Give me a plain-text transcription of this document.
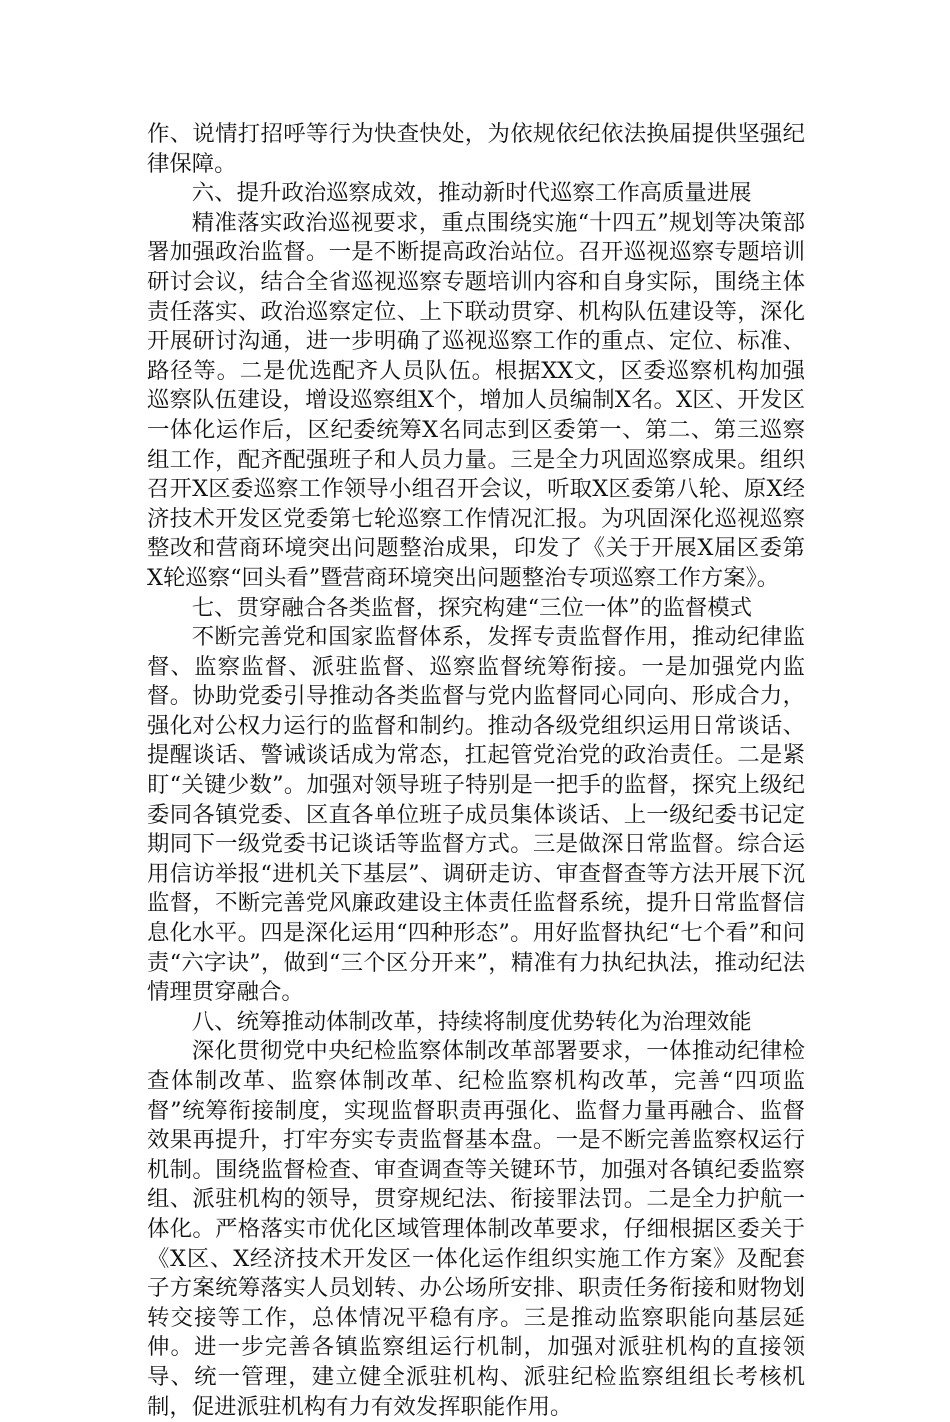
作、说情打招呼等行为快查快处，为依规依纪依法换届提供坚强纪律保障。

六、提升政治巡察成效，推动新时代巡察工作高质量进展

精准落实政治巡视要求，重点围绕实施“十四五”规划等决策部署加强政治监督。一是不断提高政治站位。召开巡视巡察专题培训研讨会议，结合全省巡视巡察专题培训内容和自身实际，围绕主体责任落实、政治巡察定位、上下联动贯穿、机构队伍建设等，深化开展研讨沟通，进一步明确了巡视巡察工作的重点、定位、标准、路径等。二是优选配齐人员队伍。根据XX文，区委巡察机构加强巡察队伍建设，增设巡察组X个，增加人员编制X名。X区、开发区一体化运作后，区纪委统筹X名同志到区委第一、第二、第三巡察组工作，配齐配强班子和人员力量。三是全力巩固巡察成果。组织召开X区委巡察工作领导小组召开会议，听取X区委第八轮、原X经济技术开发区党委第七轮巡察工作情况汇报。为巩固深化巡视巡察整改和营商环境突出问题整治成果，印发了《关于开展X届区委第X轮巡察“回头看”暨营商环境突出问题整治专项巡察工作方案》。

七、贯穿融合各类监督，探究构建“三位一体”的监督模式

不断完善党和国家监督体系，发挥专责监督作用，推动纪律监督、监察监督、派驻监督、巡察监督统筹衔接。一是加强党内监督。协助党委引导推动各类监督与党内监督同心同向、形成合力，强化对公权力运行的监督和制约。推动各级党组织运用日常谈话、提醒谈话、警诫谈话成为常态，扛起管党治党的政治责任。二是紧盯“关键少数”。加强对领导班子特别是一把手的监督，探究上级纪委同各镇党委、区直各单位班子成员集体谈话、上一级纪委书记定期同下一级党委书记谈话等监督方式。三是做深日常监督。综合运用信访举报“进机关下基层”、调研走访、审查督查等方法开展下沉监督，不断完善党风廉政建设主体责任监督系统，提升日常监督信息化水平。四是深化运用“四种形态”。用好监督执纪“七个看”和问责“六字诀”，做到“三个区分开来”，精准有力执纪执法，推动纪法情理贯穿融合。

八、统筹推动体制改革，持续将制度优势转化为治理效能

深化贯彻党中央纪检监察体制改革部署要求，一体推动纪律检查体制改革、监察体制改革、纪检监察机构改革，完善“四项监督”统筹衔接制度，实现监督职责再强化、监督力量再融合、监督效果再提升，打牢夯实专责监督基本盘。一是不断完善监察权运行机制。围绕监督检查、审查调查等关键环节，加强对各镇纪委监察组、派驻机构的领导，贯穿规纪法、衔接罪法罚。二是全力护航一体化。严格落实市优化区域管理体制改革要求，仔细根据区委关于《X区、X经济技术开发区一体化运作组织实施工作方案》及配套子方案统筹落实人员划转、办公场所安排、职责任务衔接和财物划转交接等工作，总体情况平稳有序。三是推动监察职能向基层延伸。进一步完善各镇监察组运行机制，加强对派驻机构的直接领导、统一管理，建立健全派驻机构、派驻纪检监察组组长考核机制，促进派驻机构有力有效发挥职能作用。
